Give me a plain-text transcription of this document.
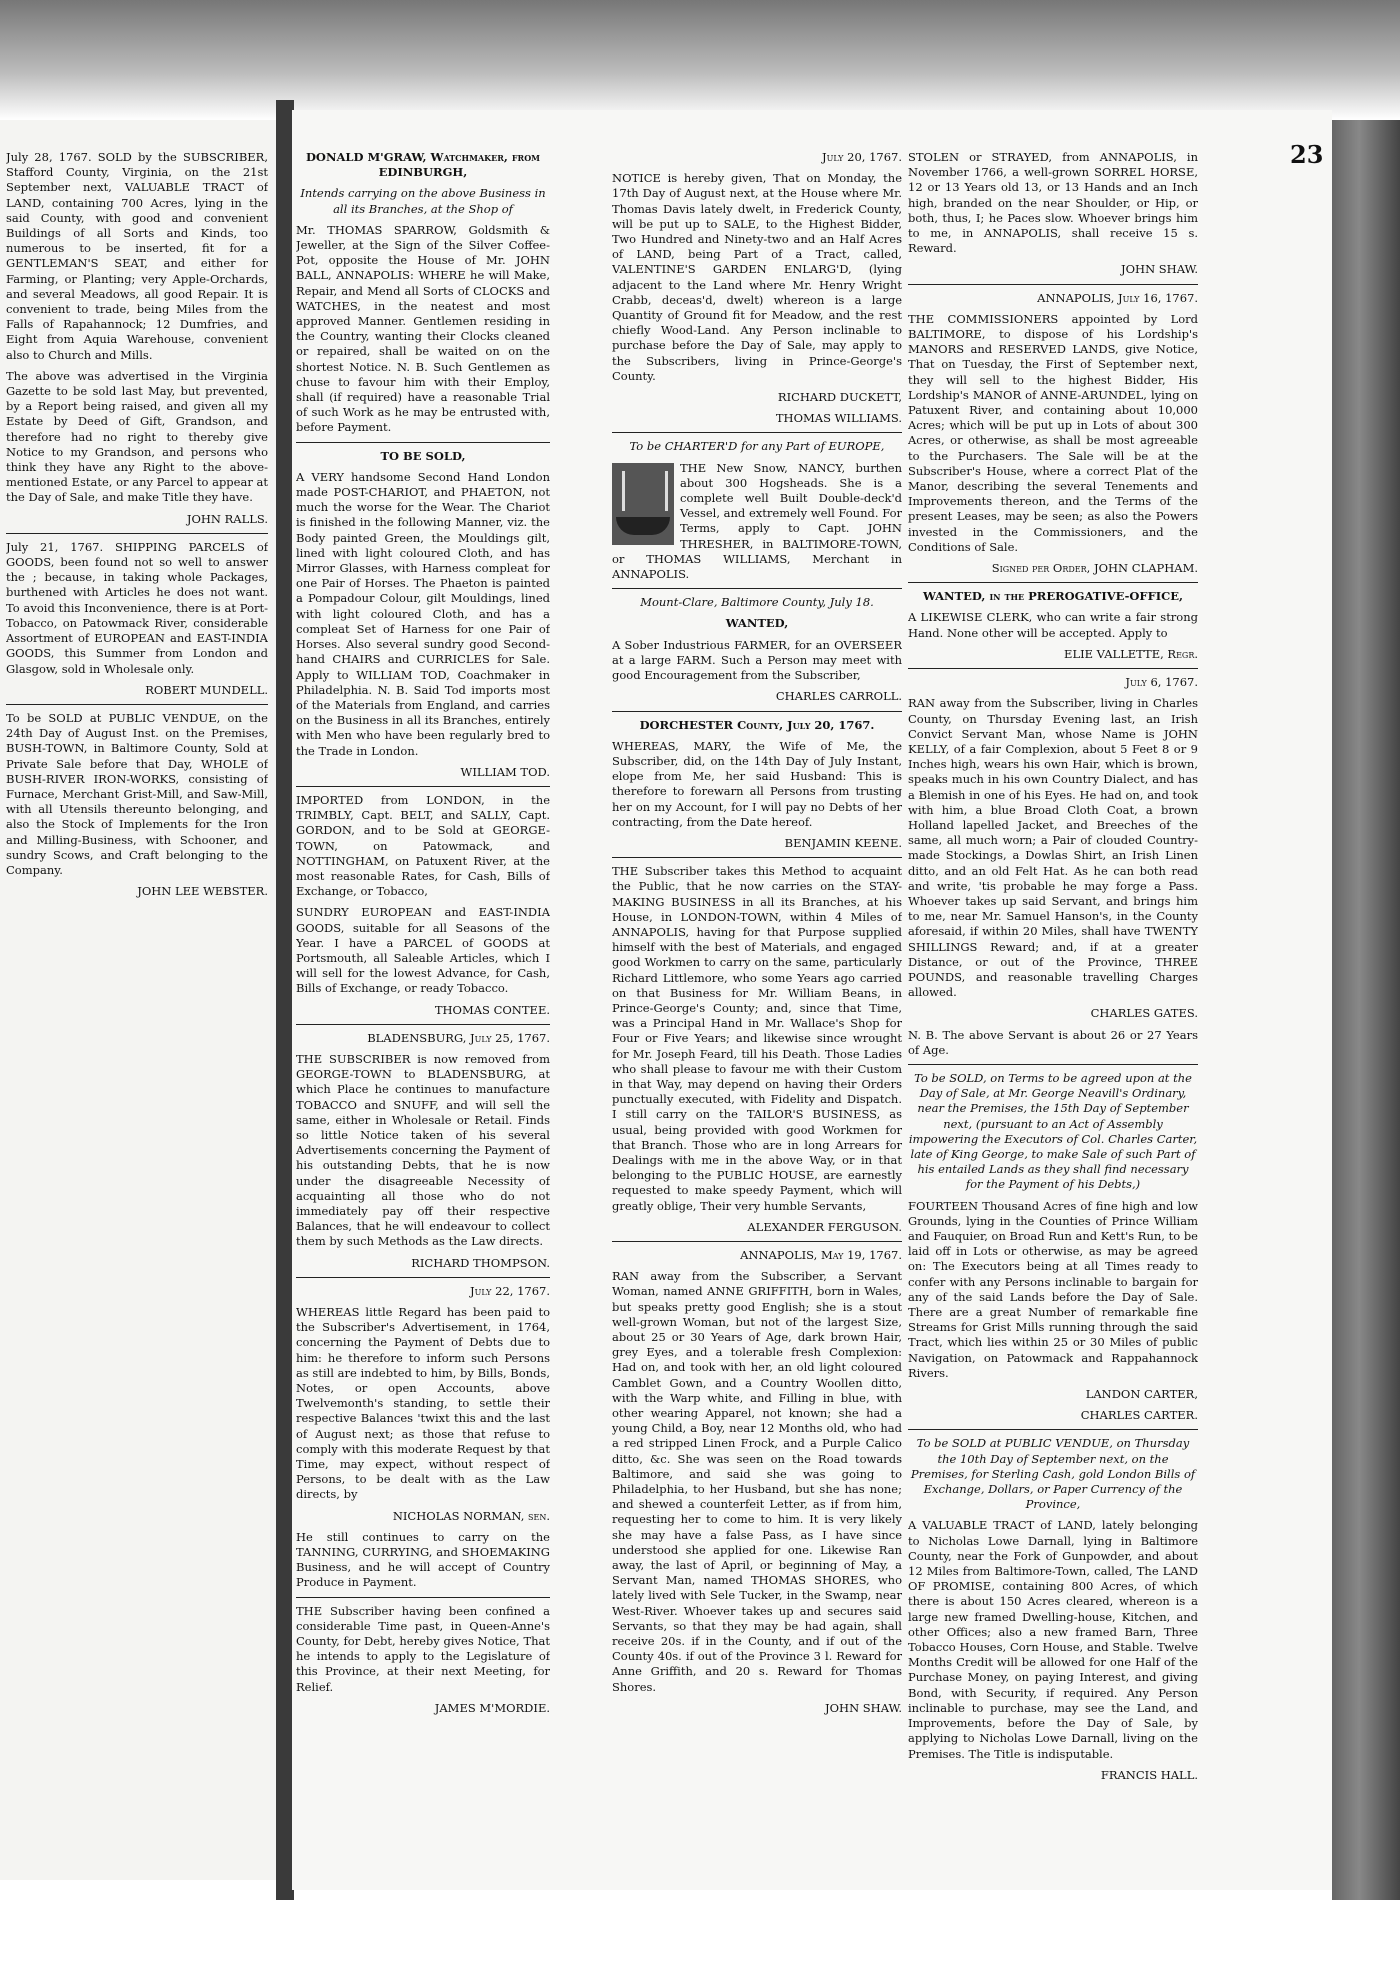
23

July 28, 1767. SOLD by the SUBSCRIBER, Stafford County, Virginia, on the 21st September next, VALUABLE TRACT of LAND, containing 700 Acres, lying in the said County, with good and convenient Buildings of all Sorts and Kinds, too numerous to be inserted, fit for a GENTLEMAN'S SEAT, and either for Farming, or Planting; very Apple-Orchards, and several Meadows, all good Repair. It is convenient to trade, being Miles from the Falls of Rapahannock; 12 Dumfries, and Eight from Aquia Warehouse, convenient also to Church and Mills.

The above was advertised in the Virginia Gazette to be sold last May, but prevented, by a Report being raised, and given all my Estate by Deed of Gift, Grandson, and therefore had no right to thereby give Notice to my Grandson, and persons who think they have any Right to the above-mentioned Estate, or any Parcel to appear at the Day of Sale, and make Title they have.

JOHN RALLS.

July 21, 1767. SHIPPING PARCELS of GOODS, been found not so well to answer the ; because, in taking whole Packages, burthened with Articles he does not want. To avoid this Inconvenience, there is at Port-Tobacco, on Patowmack River, considerable Assortment of EUROPEAN and EAST-INDIA GOODS, this Summer from London and Glasgow, sold in Wholesale only.

ROBERT MUNDELL.

To be SOLD at PUBLIC VENDUE, on the 24th Day of August Inst. on the Premises, BUSH-TOWN, in Baltimore County, Sold at Private Sale before that Day, WHOLE of BUSH-RIVER IRON-WORKS, consisting of Furnace, Merchant Grist-Mill, and Saw-Mill, with all Utensils thereunto belonging, and also the Stock of Implements for the Iron and Milling-Business, with Schooner, and sundry Scows, and Craft belonging to the Company.

JOHN LEE WEBSTER.

DONALD M'GRAW, Watchmaker, from EDINBURGH,

Intends carrying on the above Business in all its Branches, at the Shop of

Mr. THOMAS SPARROW, Goldsmith & Jeweller, at the Sign of the Silver Coffee-Pot, opposite the House of Mr. JOHN BALL, ANNAPOLIS: WHERE he will Make, Repair, and Mend all Sorts of CLOCKS and WATCHES, in the neatest and most approved Manner. Gentlemen residing in the Country, wanting their Clocks cleaned or repaired, shall be waited on on the shortest Notice. N. B. Such Gentlemen as chuse to favour him with their Employ, shall (if required) have a reasonable Trial of such Work as he may be entrusted with, before Payment.

TO BE SOLD,

A VERY handsome Second Hand London made POST-CHARIOT, and PHAETON, not much the worse for the Wear. The Chariot is finished in the following Manner, viz. the Body painted Green, the Mouldings gilt, lined with light coloured Cloth, and has Mirror Glasses, with Harness compleat for one Pair of Horses. The Phaeton is painted a Pompadour Colour, gilt Mouldings, lined with light coloured Cloth, and has a compleat Set of Harness for one Pair of Horses. Also several sundry good Second-hand CHAIRS and CURRICLES for Sale. Apply to WILLIAM TOD, Coachmaker in Philadelphia. N. B. Said Tod imports most of the Materials from England, and carries on the Business in all its Branches, entirely with Men who have been regularly bred to the Trade in London.

WILLIAM TOD.

IMPORTED from LONDON, in the TRIMBLY, Capt. BELT, and SALLY, Capt. GORDON, and to be Sold at GEORGE-TOWN, on Patowmack, and NOTTINGHAM, on Patuxent River, at the most reasonable Rates, for Cash, Bills of Exchange, or Tobacco,

SUNDRY EUROPEAN and EAST-INDIA GOODS, suitable for all Seasons of the Year. I have a PARCEL of GOODS at Portsmouth, all Saleable Articles, which I will sell for the lowest Advance, for Cash, Bills of Exchange, or ready Tobacco.

THOMAS CONTEE.

BLADENSBURG, July 25, 1767.

THE SUBSCRIBER is now removed from GEORGE-TOWN to BLADENSBURG, at which Place he continues to manufacture TOBACCO and SNUFF, and will sell the same, either in Wholesale or Retail. Finds so little Notice taken of his several Advertisements concerning the Payment of his outstanding Debts, that he is now under the disagreeable Necessity of acquainting all those who do not immediately pay off their respective Balances, that he will endeavour to collect them by such Methods as the Law directs.

RICHARD THOMPSON.

July 22, 1767.

WHEREAS little Regard has been paid to the Subscriber's Advertisement, in 1764, concerning the Payment of Debts due to him: he therefore to inform such Persons as still are indebted to him, by Bills, Bonds, Notes, or open Accounts, above Twelvemonth's standing, to settle their respective Balances 'twixt this and the last of August next; as those that refuse to comply with this moderate Request by that Time, may expect, without respect of Persons, to be dealt with as the Law directs, by

NICHOLAS NORMAN, sen.

He still continues to carry on the TANNING, CURRYING, and SHOEMAKING Business, and he will accept of Country Produce in Payment.

THE Subscriber having been confined a considerable Time past, in Queen-Anne's County, for Debt, hereby gives Notice, That he intends to apply to the Legislature of this Province, at their next Meeting, for Relief.

JAMES M'MORDIE.

July 20, 1767.

NOTICE is hereby given, That on Monday, the 17th Day of August next, at the House where Mr. Thomas Davis lately dwelt, in Frederick County, will be put up to SALE, to the Highest Bidder, Two Hundred and Ninety-two and an Half Acres of LAND, being Part of a Tract, called, VALENTINE'S GARDEN ENLARG'D, (lying adjacent to the Land where Mr. Henry Wright Crabb, deceas'd, dwelt) whereon is a large Quantity of Ground fit for Meadow, and the rest chiefly Wood-Land. Any Person inclinable to purchase before the Day of Sale, may apply to the Subscribers, living in Prince-George's County.

RICHARD DUCKETT,

THOMAS WILLIAMS.

To be CHARTER'D for any Part of EUROPE,

THE New Snow, NANCY, burthen about 300 Hogsheads. She is a complete well Built Double-deck'd Vessel, and extremely well Found. For Terms, apply to Capt. JOHN THRESHER, in BALTIMORE-TOWN, or THOMAS WILLIAMS, Merchant in ANNAPOLIS.

Mount-Clare, Baltimore County, July 18.

WANTED,

A Sober Industrious FARMER, for an OVERSEER at a large FARM. Such a Person may meet with good Encouragement from the Subscriber,

CHARLES CARROLL.

DORCHESTER County, July 20, 1767.

WHEREAS, MARY, the Wife of Me, the Subscriber, did, on the 14th Day of July Instant, elope from Me, her said Husband: This is therefore to forewarn all Persons from trusting her on my Account, for I will pay no Debts of her contracting, from the Date hereof.

BENJAMIN KEENE.

THE Subscriber takes this Method to acquaint the Public, that he now carries on the STAY-MAKING BUSINESS in all its Branches, at his House, in LONDON-TOWN, within 4 Miles of ANNAPOLIS, having for that Purpose supplied himself with the best of Materials, and engaged good Workmen to carry on the same, particularly Richard Littlemore, who some Years ago carried on that Business for Mr. William Beans, in Prince-George's County; and, since that Time, was a Principal Hand in Mr. Wallace's Shop for Four or Five Years; and likewise since wrought for Mr. Joseph Feard, till his Death. Those Ladies who shall please to favour me with their Custom in that Way, may depend on having their Orders punctually executed, with Fidelity and Dispatch. I still carry on the TAILOR'S BUSINESS, as usual, being provided with good Workmen for that Branch. Those who are in long Arrears for Dealings with me in the above Way, or in that belonging to the PUBLIC HOUSE, are earnestly requested to make speedy Payment, which will greatly oblige, Their very humble Servants,

ALEXANDER FERGUSON.

ANNAPOLIS, May 19, 1767.

RAN away from the Subscriber, a Servant Woman, named ANNE GRIFFITH, born in Wales, but speaks pretty good English; she is a stout well-grown Woman, but not of the largest Size, about 25 or 30 Years of Age, dark brown Hair, grey Eyes, and a tolerable fresh Complexion: Had on, and took with her, an old light coloured Camblet Gown, and a Country Woollen ditto, with the Warp white, and Filling in blue, with other wearing Apparel, not known; she had a young Child, a Boy, near 12 Months old, who had a red stripped Linen Frock, and a Purple Calico ditto, &c. She was seen on the Road towards Baltimore, and said she was going to Philadelphia, to her Husband, but she has none; and shewed a counterfeit Letter, as if from him, requesting her to come to him. It is very likely she may have a false Pass, as I have since understood she applied for one. Likewise Ran away, the last of April, or beginning of May, a Servant Man, named THOMAS SHORES, who lately lived with Sele Tucker, in the Swamp, near West-River. Whoever takes up and secures said Servants, so that they may be had again, shall receive 20s. if in the County, and if out of the County 40s. if out of the Province 3 l. Reward for Anne Griffith, and 20 s. Reward for Thomas Shores.

JOHN SHAW.

STOLEN or STRAYED, from ANNAPOLIS, in November 1766, a well-grown SORREL HORSE, 12 or 13 Years old 13, or 13 Hands and an Inch high, branded on the near Shoulder, or Hip, or both, thus, I; he Paces slow. Whoever brings him to me, in ANNAPOLIS, shall receive 15 s. Reward.

JOHN SHAW.

ANNAPOLIS, July 16, 1767.

THE COMMISSIONERS appointed by Lord BALTIMORE, to dispose of his Lordship's MANORS and RESERVED LANDS, give Notice, That on Tuesday, the First of September next, they will sell to the highest Bidder, His Lordship's MANOR of ANNE-ARUNDEL, lying on Patuxent River, and containing about 10,000 Acres; which will be put up in Lots of about 300 Acres, or otherwise, as shall be most agreeable to the Purchasers. The Sale will be at the Subscriber's House, where a correct Plat of the Manor, describing the several Tenements and Improvements thereon, and the Terms of the present Leases, may be seen; as also the Powers invested in the Commissioners, and the Conditions of Sale.

Signed per Order, JOHN CLAPHAM.

WANTED, in the PREROGATIVE-OFFICE,

A LIKEWISE CLERK, who can write a fair strong Hand. None other will be accepted. Apply to

ELIE VALLETTE, Regr.

July 6, 1767.

RAN away from the Subscriber, living in Charles County, on Thursday Evening last, an Irish Convict Servant Man, whose Name is JOHN KELLY, of a fair Complexion, about 5 Feet 8 or 9 Inches high, wears his own Hair, which is brown, speaks much in his own Country Dialect, and has a Blemish in one of his Eyes. He had on, and took with him, a blue Broad Cloth Coat, a brown Holland lapelled Jacket, and Breeches of the same, all much worn; a Pair of clouded Country-made Stockings, a Dowlas Shirt, an Irish Linen ditto, and an old Felt Hat. As he can both read and write, 'tis probable he may forge a Pass. Whoever takes up said Servant, and brings him to me, near Mr. Samuel Hanson's, in the County aforesaid, if within 20 Miles, shall have TWENTY SHILLINGS Reward; and, if at a greater Distance, or out of the Province, THREE POUNDS, and reasonable travelling Charges allowed.

CHARLES GATES.

N. B. The above Servant is about 26 or 27 Years of Age.

To be SOLD, on Terms to be agreed upon at the Day of Sale, at Mr. George Neavill's Ordinary, near the Premises, the 15th Day of September next, (pursuant to an Act of Assembly impowering the Executors of Col. Charles Carter, late of King George, to make Sale of such Part of his entailed Lands as they shall find necessary for the Payment of his Debts,)

FOURTEEN Thousand Acres of fine high and low Grounds, lying in the Counties of Prince William and Fauquier, on Broad Run and Kett's Run, to be laid off in Lots or otherwise, as may be agreed on: The Executors being at all Times ready to confer with any Persons inclinable to bargain for any of the said Lands before the Day of Sale. There are a great Number of remarkable fine Streams for Grist Mills running through the said Tract, which lies within 25 or 30 Miles of public Navigation, on Patowmack and Rappahannock Rivers.

LANDON CARTER,

CHARLES CARTER.

To be SOLD at PUBLIC VENDUE, on Thursday the 10th Day of September next, on the Premises, for Sterling Cash, gold London Bills of Exchange, Dollars, or Paper Currency of the Province,

A VALUABLE TRACT of LAND, lately belonging to Nicholas Lowe Darnall, lying in Baltimore County, near the Fork of Gunpowder, and about 12 Miles from Baltimore-Town, called, The LAND OF PROMISE, containing 800 Acres, of which there is about 150 Acres cleared, whereon is a large new framed Dwelling-house, Kitchen, and other Offices; also a new framed Barn, Three Tobacco Houses, Corn House, and Stable. Twelve Months Credit will be allowed for one Half of the Purchase Money, on paying Interest, and giving Bond, with Security, if required. Any Person inclinable to purchase, may see the Land, and Improvements, before the Day of Sale, by applying to Nicholas Lowe Darnall, living on the Premises. The Title is indisputable.

FRANCIS HALL.
